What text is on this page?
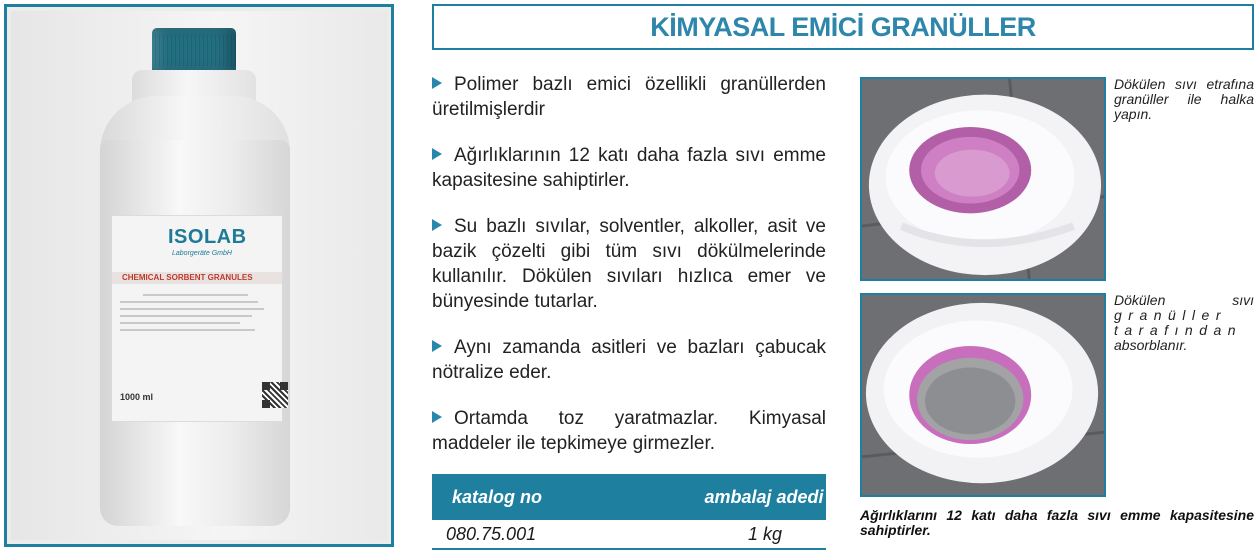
ISOLAB
Laborgeräte GmbH
CHEMICAL SORBENT GRANULES
1000 ml
KİMYASAL EMİCİ GRANÜLLER
Polimer bazlı emici özellikli granüllerden üretilmişlerdir
Ağırlıklarının 12 katı daha fazla sıvı emme kapasitesine sahiptirler.
Su bazlı sıvılar, solventler, alkoller, asit ve bazik çözelti gibi tüm sıvı dökülmelerinde kullanılır. Dökülen sıvıları hızlıca emer ve bünyesinde tutarlar.
Aynı zamanda asitleri ve bazları çabucak nötralize eder.
Ortamda toz yaratmazlar. Kimyasal maddeler ile tepkimeye girmezler.
katalog no	ambalaj adedi
080.75.001	1 kg
Dökülen sıvı etrafına granüller ile halka yapın.
Dökülen sıvı granüller tarafından absorblanır.
Ağırlıklarını 12 katı daha fazla sıvı emme kapasitesine sahiptirler.
